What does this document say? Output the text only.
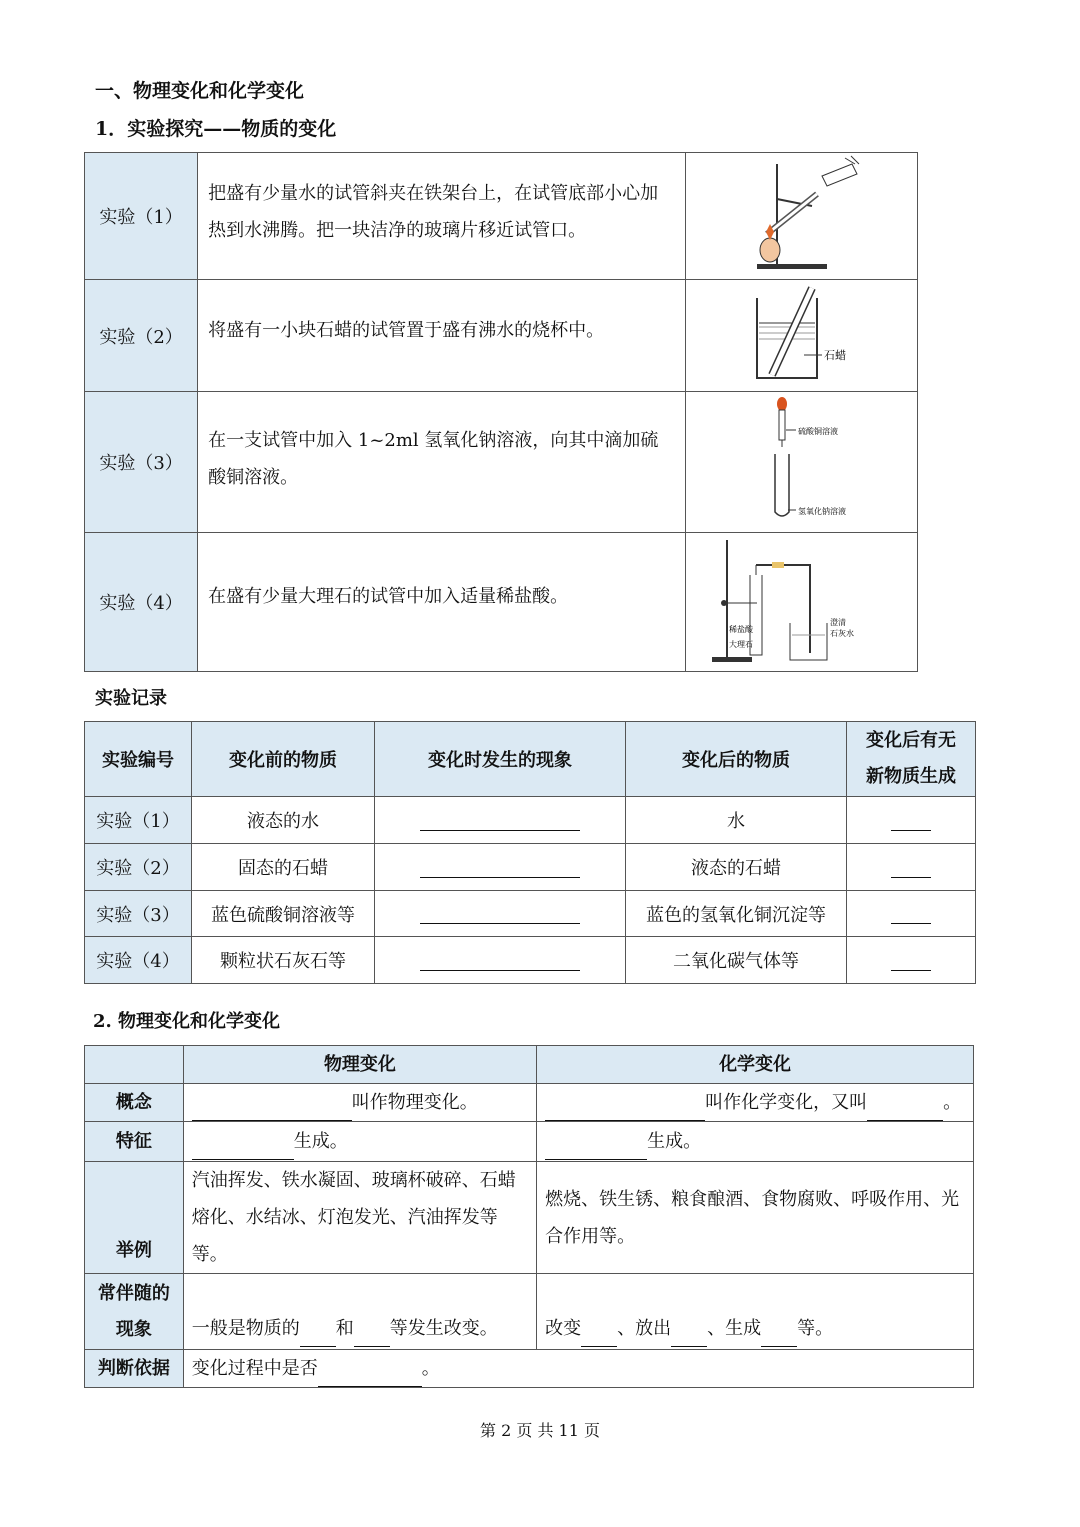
一、物理变化和化学变化
1．实验探究——物质的变化
实验（1）	把盛有少量水的试管斜夹在铁架台上，在试管底部小心加热到水沸腾。把一块洁净的玻璃片移近试管口。	
实验（2）	将盛有一小块石蜡的试管置于盛有沸水的烧杯中。	石蜡

实验（3）	在一支试管中加入 1~2ml 氢氧化钠溶液，向其中滴加硫酸铜溶液。	硫酸铜溶液
氢氧化钠溶液

实验（4）	在盛有少量大理石的试管中加入适量稀盐酸。	稀盐酸
大理石
澄清
石灰水
实验记录
实验编号	变化前的物质	变化时发生的现象	变化后的物质	变化后有无
新物质生成
实验（1）	液态的水		水	
实验（2）	固态的石蜡		液态的石蜡	
实验（3）	蓝色硫酸铜溶液等		蓝色的氢氧化铜沉淀等	
实验（4）	颗粒状石灰石等		二氧化碳气体等	
2. 物理变化和化学变化
	物理变化	化学变化
概念	叫作物理变化。	叫作化学变化，又叫 。
特征	生成。	生成。
举例	汽油挥发、铁水凝固、玻璃杯破碎、石蜡熔化、水结冰、灯泡发光、汽油挥发等等。	燃烧、铁生锈、粮食酿酒、食物腐败、呼吸作用、光合作用等。
常伴随的
现象	一般是物质的 和 等发生改变。	改变 、放出 、生成 等。
判断依据	变化过程中是否 。	
第 2 页 共 11 页
